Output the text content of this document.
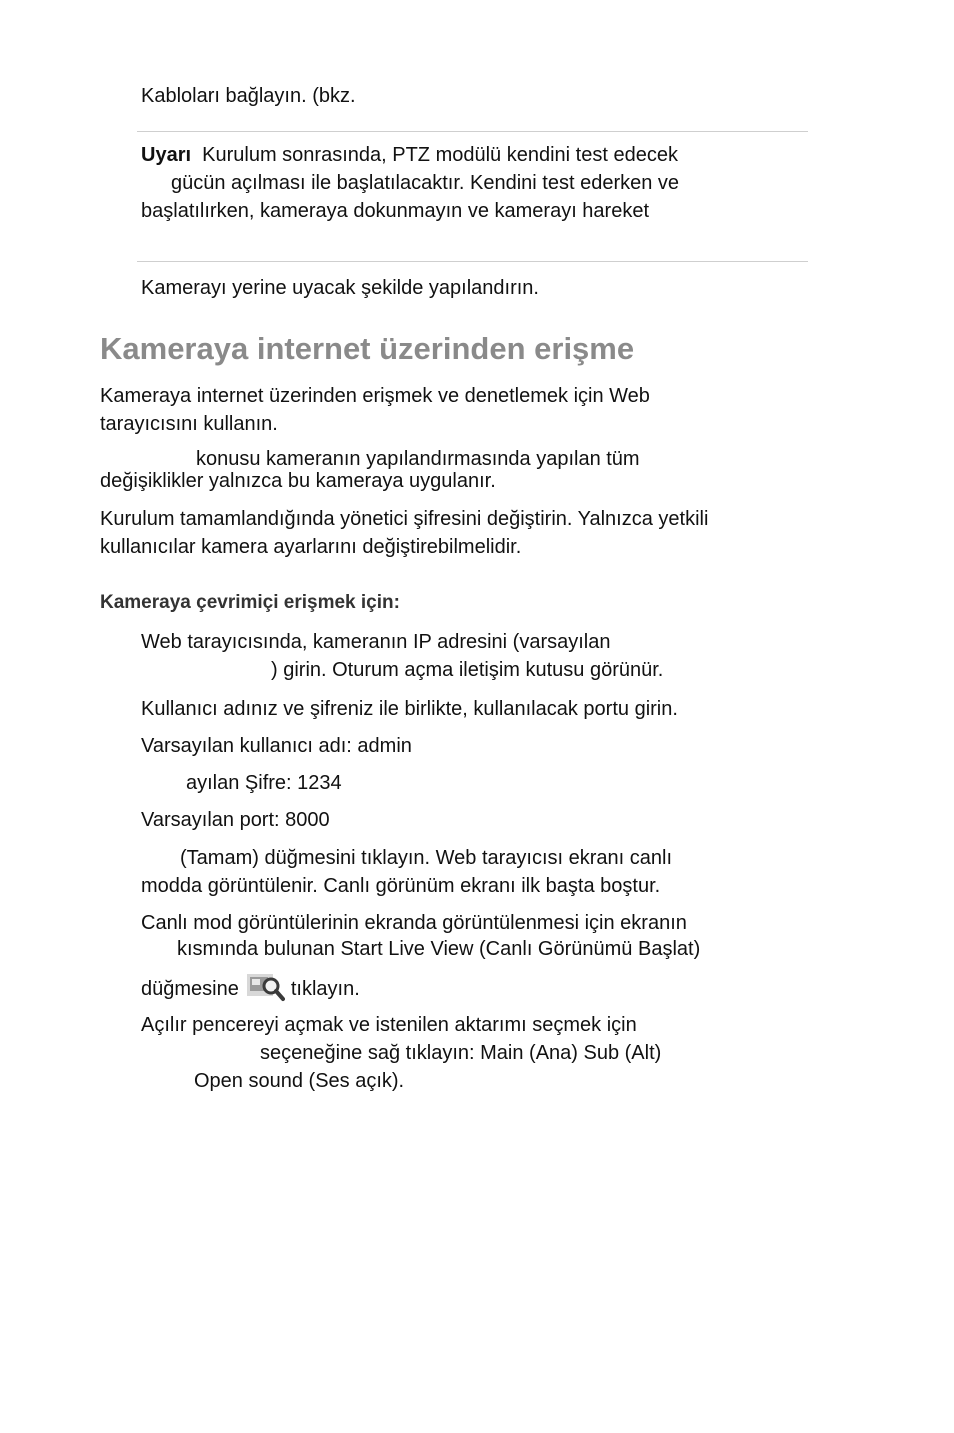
Kabloları bağlayın. (bkz.

Uyarı Kurulum sonrasında, PTZ modülü kendini test edecek

gücün açılması ile başlatılacaktır. Kendini test ederken ve

başlatılırken, kameraya dokunmayın ve kamerayı hareket

Kamerayı yerine uyacak şekilde yapılandırın.

Kameraya internet üzerinden erişme

Kameraya internet üzerinden erişmek ve denetlemek için Web

tarayıcısını kullanın.

konusu kameranın yapılandırmasında yapılan tüm

değişiklikler yalnızca bu kameraya uygulanır.

Kurulum tamamlandığında yönetici şifresini değiştirin. Yalnızca yetkili

kullanıcılar kamera ayarlarını değiştirebilmelidir.

Kameraya çevrimiçi erişmek için:

Web tarayıcısında, kameranın IP adresini (varsayılan

) girin. Oturum açma iletişim kutusu görünür.

Kullanıcı adınız ve şifreniz ile birlikte, kullanılacak portu girin.

Varsayılan kullanıcı adı: admin

ayılan Şifre: 1234

Varsayılan port: 8000

(Tamam) düğmesini tıklayın. Web tarayıcısı ekranı canlı

modda görüntülenir. Canlı görünüm ekranı ilk başta boştur.

Canlı mod görüntülerinin ekranda görüntülenmesi için ekranın

kısmında bulunan Start Live View (Canlı Görünümü Başlat)

düğmesine	tıklayın.

Açılır pencereyi açmak ve istenilen aktarımı seçmek için

seçeneğine sağ tıklayın: Main (Ana) Sub (Alt)

Open sound (Ses açık).
